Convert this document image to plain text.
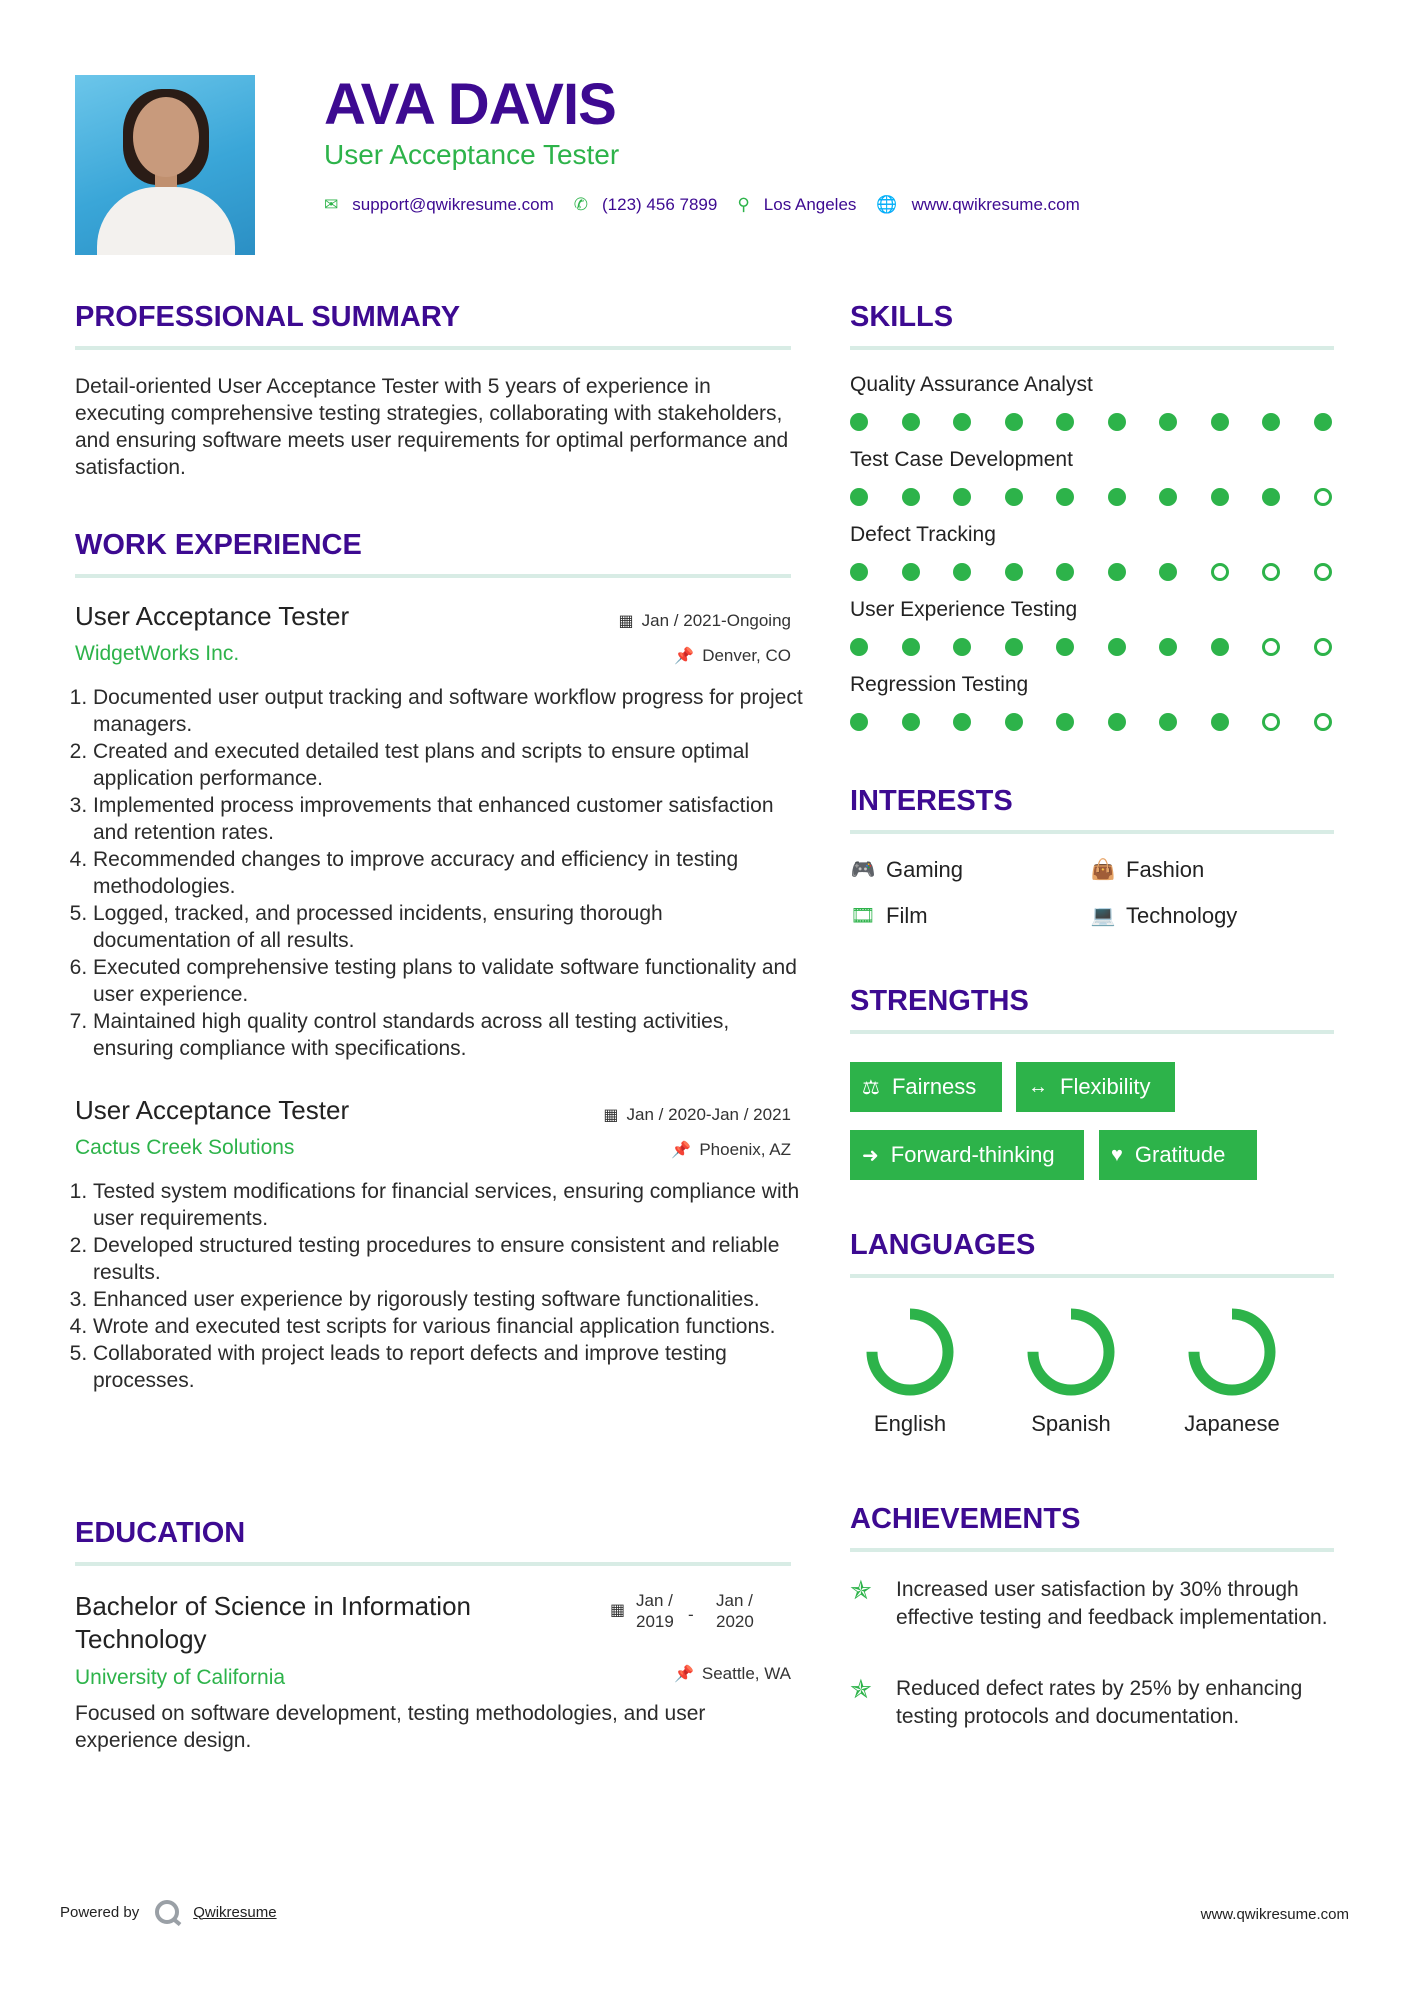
AVA DAVIS
User Acceptance Tester
✉ support@qwikresume.com ✆ (123) 456 7899 ⚲ Los Angeles 🌐 www.qwikresume.com
PROFESSIONAL SUMMARY
Detail-oriented User Acceptance Tester with 5 years of experience in executing comprehensive testing strategies, collaborating with stakeholders, and ensuring software meets user requirements for optimal performance and satisfaction.
WORK EXPERIENCE
User Acceptance Tester	▦ Jan / 2021-Ongoing
WidgetWorks Inc.	📌 Denver, CO
1. Documented user output tracking and software workflow progress for project managers.
2. Created and executed detailed test plans and scripts to ensure optimal application performance.
3. Implemented process improvements that enhanced customer satisfaction and retention rates.
4. Recommended changes to improve accuracy and efficiency in testing methodologies.
5. Logged, tracked, and processed incidents, ensuring thorough documentation of all results.
6. Executed comprehensive testing plans to validate software functionality and user experience.
7. Maintained high quality control standards across all testing activities, ensuring compliance with specifications.
User Acceptance Tester	▦ Jan / 2020-Jan / 2021
Cactus Creek Solutions	📌 Phoenix, AZ
1. Tested system modifications for financial services, ensuring compliance with user requirements.
2. Developed structured testing procedures to ensure consistent and reliable results.
3. Enhanced user experience by rigorously testing software functionalities.
4. Wrote and executed test scripts for various financial application functions.
5. Collaborated with project leads to report defects and improve testing processes.
EDUCATION
Bachelor of Science in Information Technology
▦
Jan /
2019 -
Jan /
2020
University of California	📌 Seattle, WA
Focused on software development, testing methodologies, and user experience design.
SKILLS
Quality Assurance Analyst
Test Case Development
Defect Tracking
User Experience Testing
Regression Testing
INTERESTS
🎮 Gaming	👜 Fashion
🎞 Film	💻 Technology
STRENGTHS
⚖ Fairness	↔ Flexibility
➜ Forward-thinking	♥ Gratitude
LANGUAGES
English	Spanish	Japanese
ACHIEVEMENTS
✯	Increased user satisfaction by 30% through effective testing and feedback implementation.
✯	Reduced defect rates by 25% by enhancing testing protocols and documentation.
Powered by	Qwikresume	www.qwikresume.com
